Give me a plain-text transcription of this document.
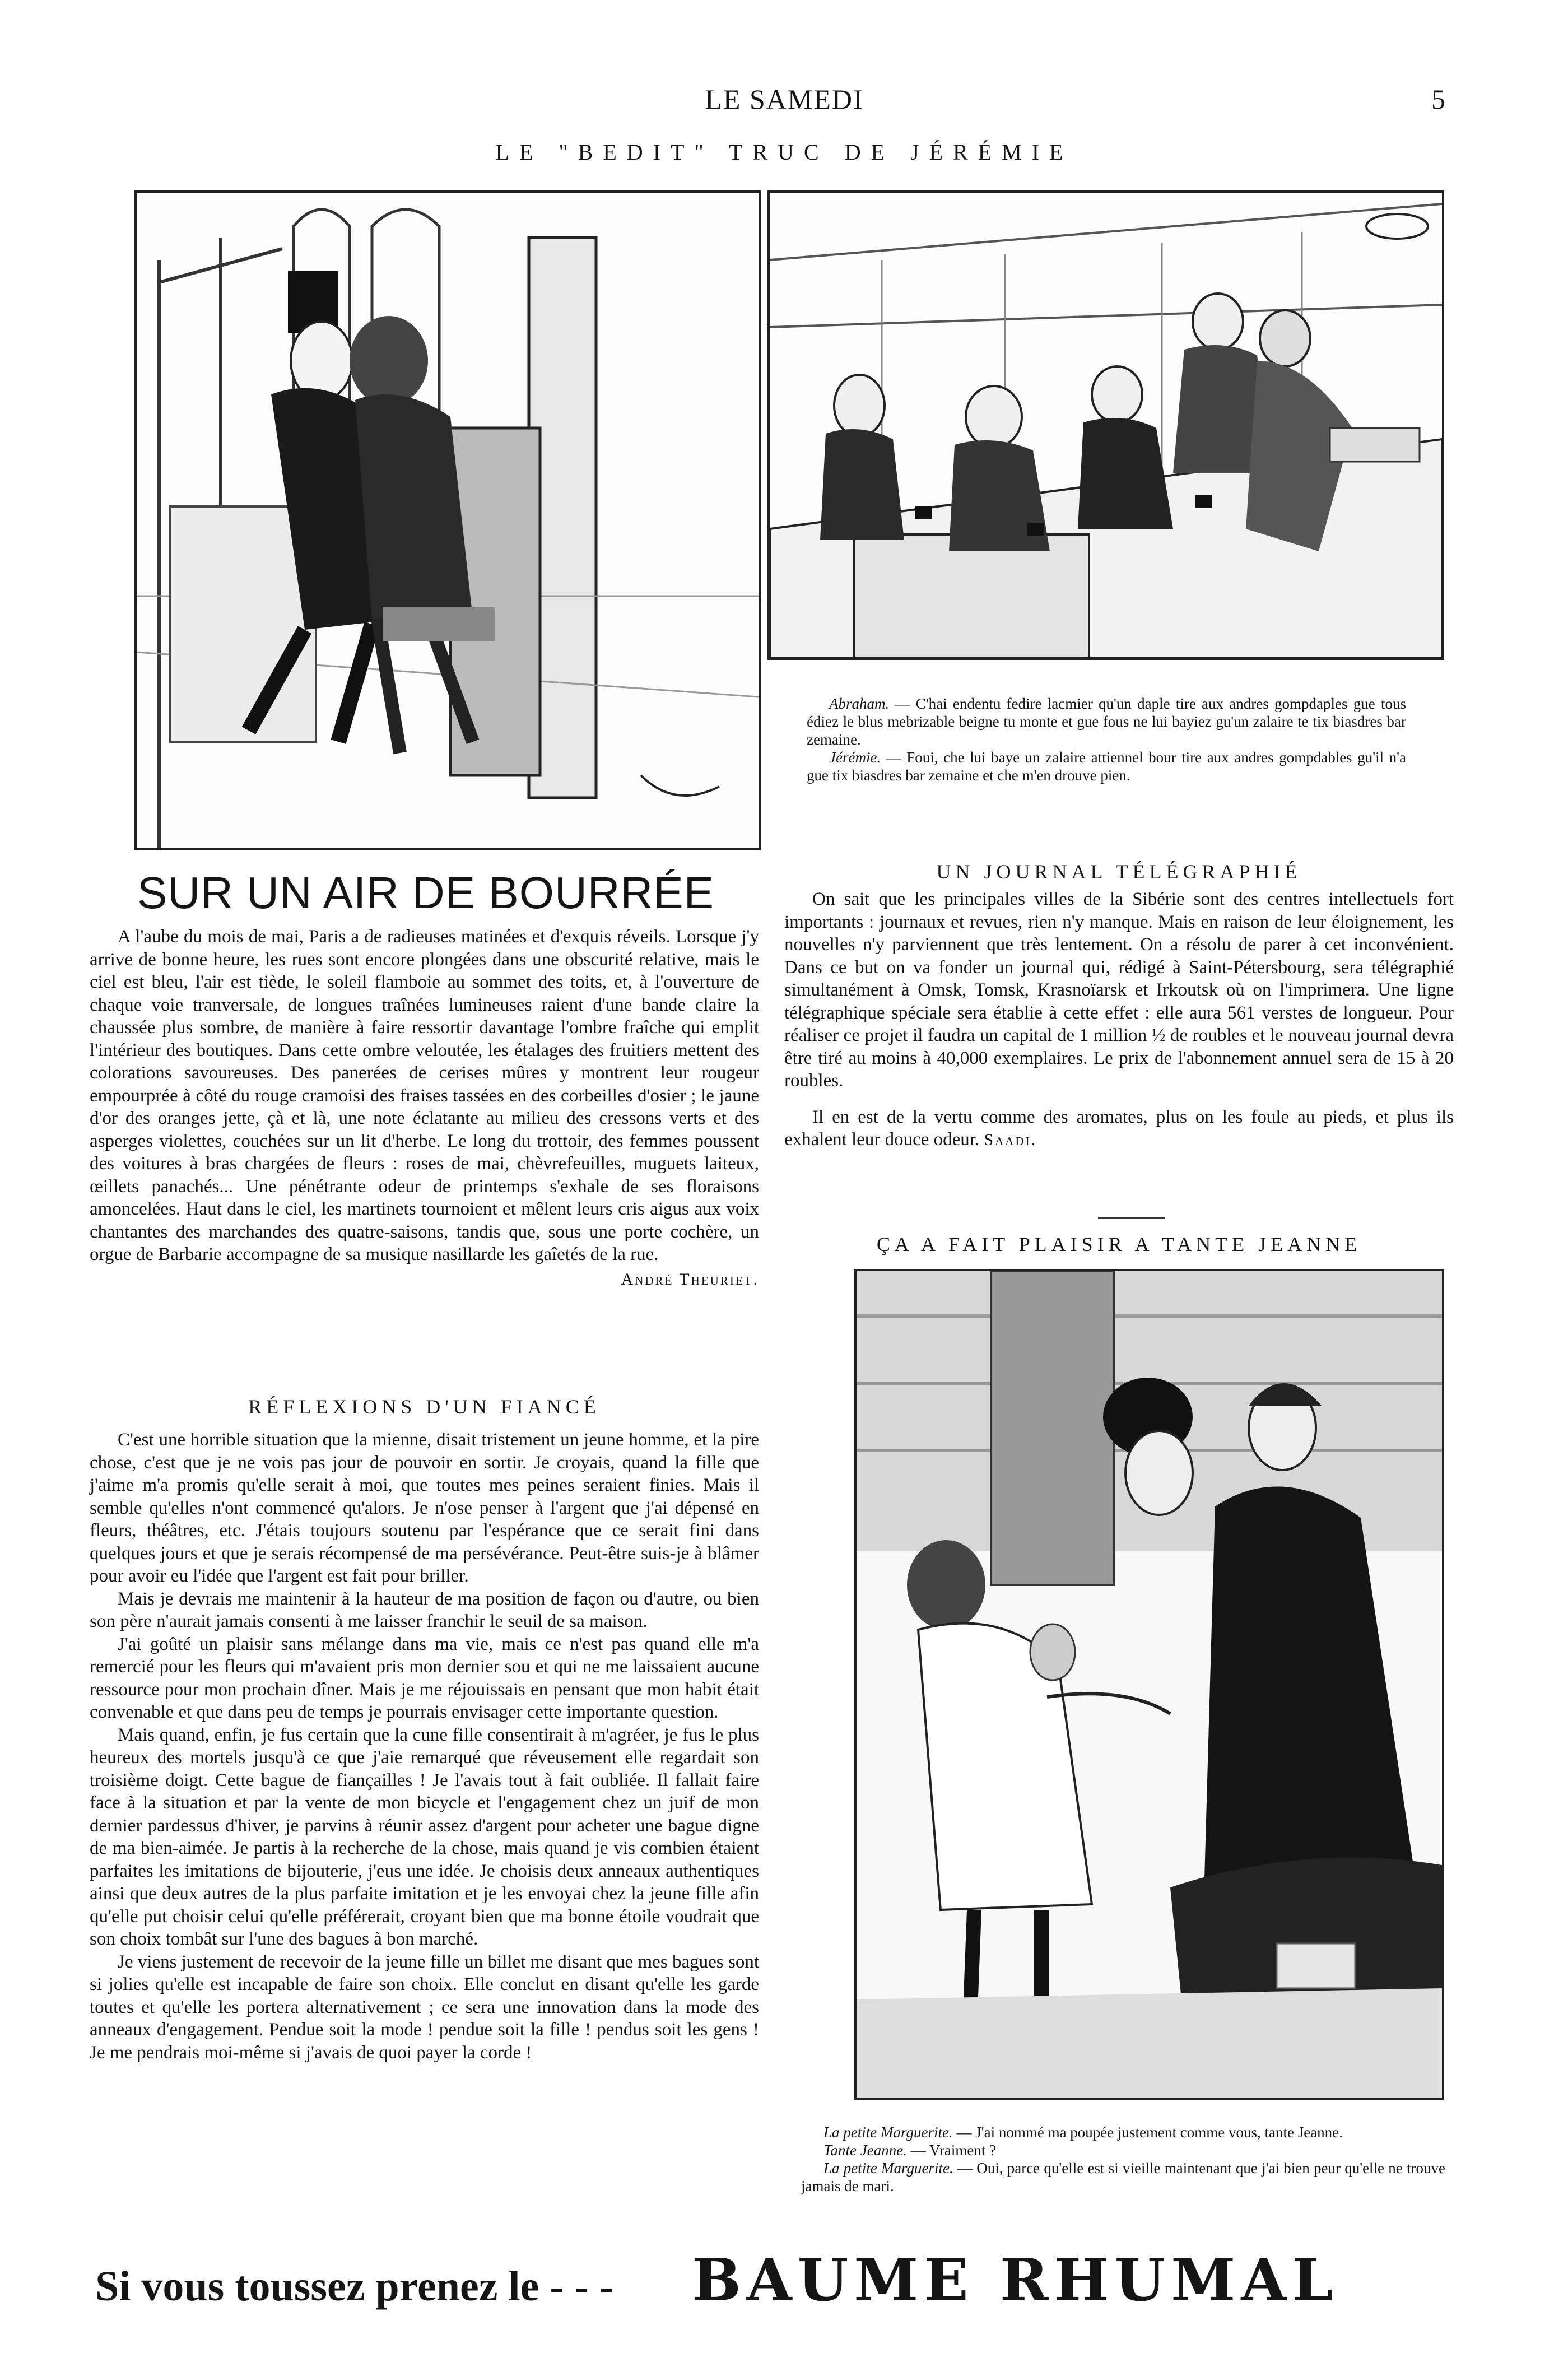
LE SAMEDI	5
LE "BEDIT" TRUC DE JÉRÉMIE

Abraham. — C'hai endentu fedire lacmier qu'un daple tire aux andres gompdaples gue tous édiez le blus mebrizable beigne tu monte et gue fous ne lui bayiez gu'un zalaire te tix biasdres bar zemaine.

Jérémie. — Foui, che lui baye un zalaire attiennel bour tire aux andres gompdables gu'il n'a gue tix biasdres bar zemaine et che m'en drouve pien.

SUR UN AIR DE BOURRÉE

A l'aube du mois de mai, Paris a de radieuses matinées et d'exquis réveils. Lorsque j'y arrive de bonne heure, les rues sont encore plongées dans une obscurité relative, mais le ciel est bleu, l'air est tiède, le soleil flamboie au sommet des toits, et, à l'ouverture de chaque voie tranversale, de longues traînées lumineuses raient d'une bande claire la chaussée plus sombre, de manière à faire ressortir davantage l'ombre fraîche qui emplit l'intérieur des boutiques. Dans cette ombre veloutée, les étalages des fruitiers mettent des colorations savoureuses. Des panerées de cerises mûres y montrent leur rougeur empourprée à côté du rouge cramoisi des fraises tassées en des corbeilles d'osier ; le jaune d'or des oranges jette, çà et là, une note éclatante au milieu des cressons verts et des asperges violettes, couchées sur un lit d'herbe. Le long du trottoir, des femmes poussent des voitures à bras chargées de fleurs : roses de mai, chèvrefeuilles, muguets laiteux, œillets panachés... Une pénétrante odeur de printemps s'exhale de ses floraisons amoncelées. Haut dans le ciel, les martinets tournoient et mêlent leurs cris aigus aux voix chantantes des marchandes des quatre-saisons, tandis que, sous une porte cochère, un orgue de Barbarie accompagne de sa musique nasillarde les gaîetés de la rue.

André Theuriet.
RÉFLEXIONS D'UN FIANCÉ

C'est une horrible situation que la mienne, disait tristement un jeune homme, et la pire chose, c'est que je ne vois pas jour de pouvoir en sortir. Je croyais, quand la fille que j'aime m'a promis qu'elle serait à moi, que toutes mes peines seraient finies. Mais il semble qu'elles n'ont commencé qu'alors. Je n'ose penser à l'argent que j'ai dépensé en fleurs, théâtres, etc. J'étais toujours soutenu par l'espérance que ce serait fini dans quelques jours et que je serais récompensé de ma persévérance. Peut-être suis-je à blâmer pour avoir eu l'idée que l'argent est fait pour briller.

Mais je devrais me maintenir à la hauteur de ma position de façon ou d'autre, ou bien son père n'aurait jamais consenti à me laisser franchir le seuil de sa maison.

J'ai goûté un plaisir sans mélange dans ma vie, mais ce n'est pas quand elle m'a remercié pour les fleurs qui m'avaient pris mon dernier sou et qui ne me laissaient aucune ressource pour mon prochain dîner. Mais je me réjouissais en pensant que mon habit était convenable et que dans peu de temps je pourrais envisager cette importante question.

Mais quand, enfin, je fus certain que la cune fille consentirait à m'agréer, je fus le plus heureux des mortels jusqu'à ce que j'aie remarqué que réveusement elle regardait son troisième doigt. Cette bague de fiançailles ! Je l'avais tout à fait oubliée. Il fallait faire face à la situation et par la vente de mon bicycle et l'engagement chez un juif de mon dernier pardessus d'hiver, je parvins à réunir assez d'argent pour acheter une bague digne de ma bien-aimée. Je partis à la recherche de la chose, mais quand je vis combien étaient parfaites les imitations de bijouterie, j'eus une idée. Je choisis deux anneaux authentiques ainsi que deux autres de la plus parfaite imitation et je les envoyai chez la jeune fille afin qu'elle put choisir celui qu'elle préférerait, croyant bien que ma bonne étoile voudrait que son choix tombât sur l'une des bagues à bon marché.

Je viens justement de recevoir de la jeune fille un billet me disant que mes bagues sont si jolies qu'elle est incapable de faire son choix. Elle conclut en disant qu'elle les garde toutes et qu'elle les portera alternativement ; ce sera une innovation dans la mode des anneaux d'engagement. Pendue soit la mode ! pendue soit la fille ! pendus soit les gens ! Je me pendrais moi-même si j'avais de quoi payer la corde !

UN JOURNAL TÉLÉGRAPHIÉ

On sait que les principales villes de la Sibérie sont des centres intellectuels fort importants : journaux et revues, rien n'y manque. Mais en raison de leur éloignement, les nouvelles n'y parviennent que très lentement. On a résolu de parer à cet inconvénient. Dans ce but on va fonder un journal qui, rédigé à Saint-Pétersbourg, sera télégraphié simultanément à Omsk, Tomsk, Krasnoïarsk et Irkoutsk où on l'imprimera. Une ligne télégraphique spéciale sera établie à cette effet : elle aura 561 verstes de longueur. Pour réaliser ce projet il faudra un capital de 1 million ½ de roubles et le nouveau journal devra être tiré au moins à 40,000 exemplaires. Le prix de l'abonnement annuel sera de 15 à 20 roubles.

Il en est de la vertu comme des aromates, plus on les foule au pieds, et plus ils exhalent leur douce odeur. Saadi.

ÇA A FAIT PLAISIR A TANTE JEANNE

La petite Marguerite. — J'ai nommé ma poupée justement comme vous, tante Jeanne.

Tante Jeanne. — Vraiment ?

La petite Marguerite. — Oui, parce qu'elle est si vieille maintenant que j'ai bien peur qu'elle ne trouve jamais de mari.

Si vous toussez prenez le - - -	BAUME RHUMAL
